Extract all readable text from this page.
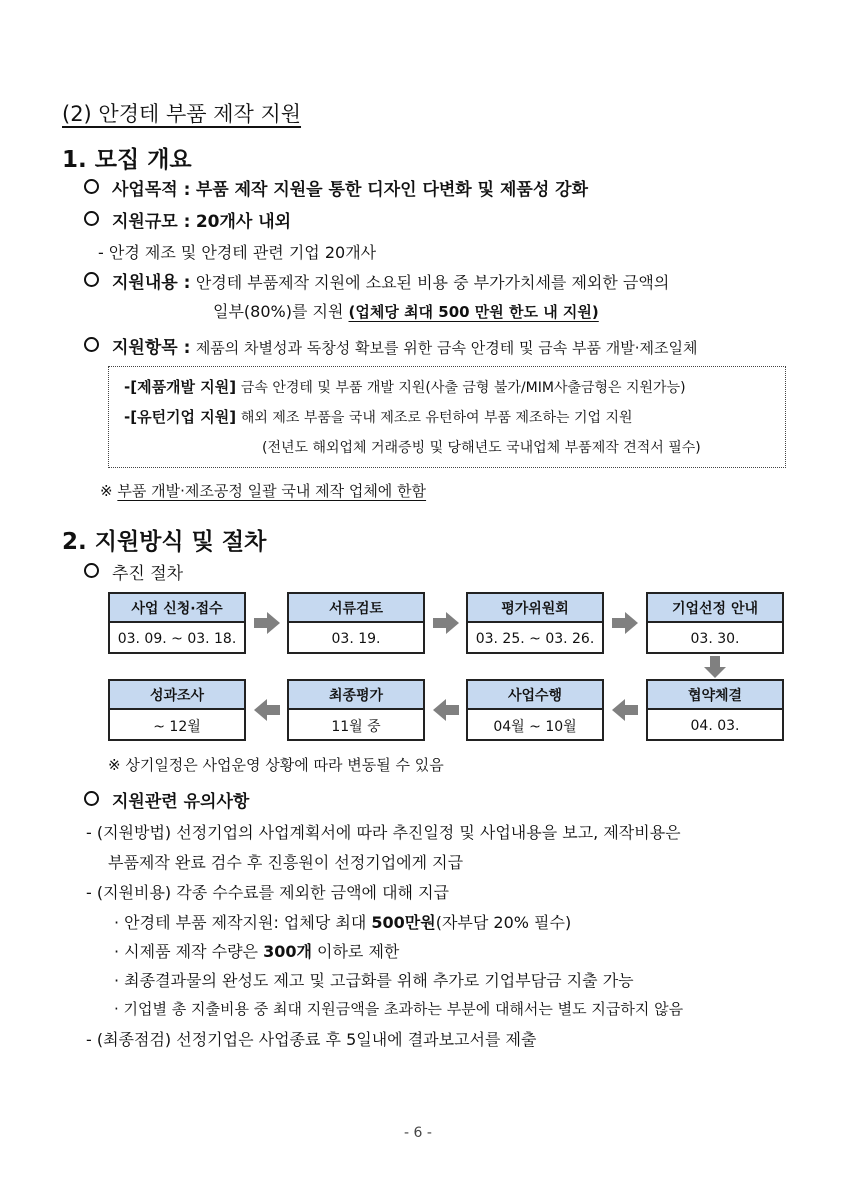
(2) 안경테 부품 제작 지원
1. 모집 개요
사업목적 : 부품 제작 지원을 통한 디자인 다변화 및 제품성 강화
지원규모 : 20개사 내외
- 안경 제조 및 안경테 관련 기업 20개사
지원내용 : 안경테 부품제작 지원에 소요된 비용 중 부가가치세를 제외한 금액의
일부(80%)를 지원 (업체당 최대 500 만원 한도 내 지원)
지원항목 : 제품의 차별성과 독창성 확보를 위한 금속 안경테 및 금속 부품 개발·제조일체
-[제품개발 지원] 금속 안경테 및 부품 개발 지원(사출 금형 불가/MIM사출금형은 지원가능)
-[유턴기업 지원] 해외 제조 부품을 국내 제조로 유턴하여 부품 제조하는 기업 지원
(전년도 해외업체 거래증빙 및 당해년도 국내업체 부품제작 견적서 필수)
※ 부품 개발·제조공정 일괄 국내 제작 업체에 한함
2. 지원방식 및 절차
추진 절차
사업 신청·접수
03. 09. ~ 03. 18.
서류검토
03. 19.
평가위원회
03. 25. ~ 03. 26.
기업선정 안내
03. 30.
성과조사
~ 12월
최종평가
11월 중
사업수행
04월 ~ 10월
협약체결
04. 03.
※ 상기일정은 사업운영 상황에 따라 변동될 수 있음
지원관련 유의사항
- (지원방법) 선정기업의 사업계획서에 따라 추진일정 및 사업내용을 보고, 제작비용은
부품제작 완료 검수 후 진흥원이 선정기업에게 지급
- (지원비용) 각종 수수료를 제외한 금액에 대해 지급
· 안경테 부품 제작지원: 업체당 최대 500만원(자부담 20% 필수)
· 시제품 제작 수량은 300개 이하로 제한
· 최종결과물의 완성도 제고 및 고급화를 위해 추가로 기업부담금 지출 가능
· 기업별 총 지출비용 중 최대 지원금액을 초과하는 부분에 대해서는 별도 지급하지 않음
- (최종점검) 선정기업은 사업종료 후 5일내에 결과보고서를 제출
- 6 -
